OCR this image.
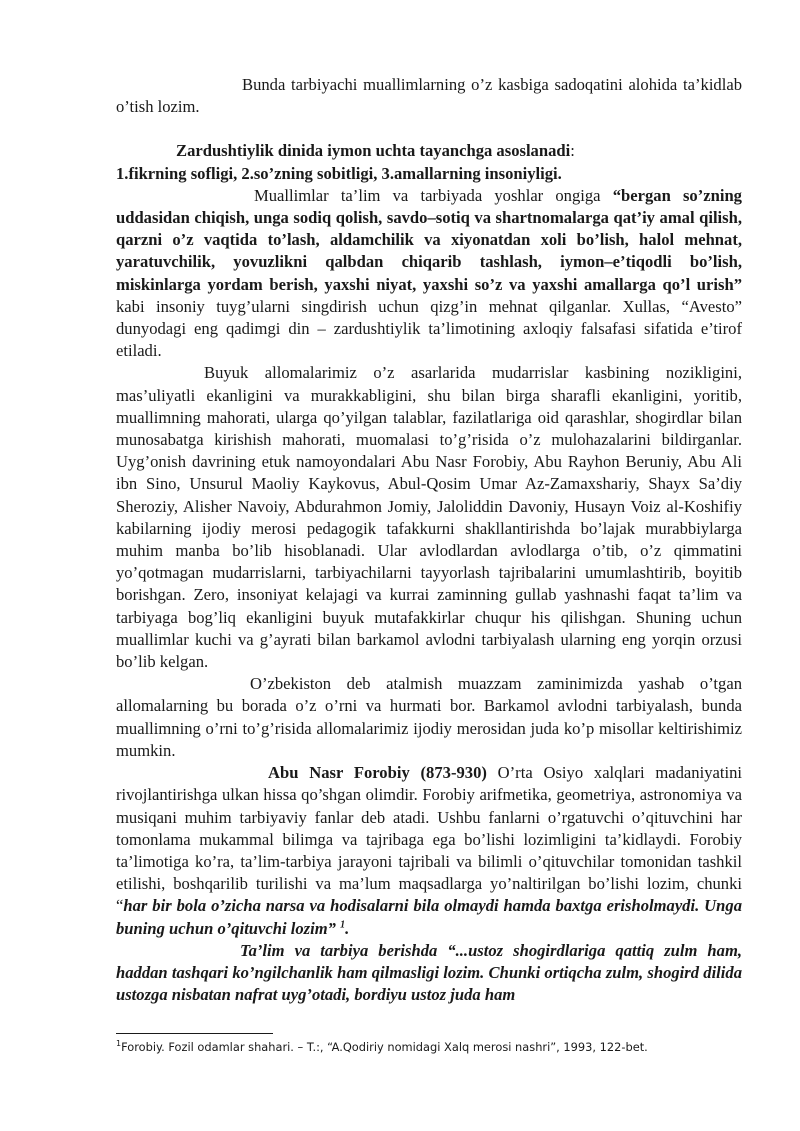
Bunda tarbiyachi muallimlarning o’z kasbiga sadoqatini alohida ta’kidlab o’tish lozim.

Zardushtiylik dinida iymon uchta tayanchga asoslanadi:

1.fikrning sofligi, 2.so’zning sobitligi, 3.amallarning insoniyligi.

Muallimlar ta’lim va tarbiyada yoshlar ongiga “bergan so’zning uddasidan chiqish, unga sodiq qolish, savdo–sotiq va shartnomalarga qat’iy amal qilish, qarzni o’z vaqtida to’lash, aldamchilik va xiyonatdan xoli bo’lish, halol mehnat, yaratuvchilik, yovuzlikni qalbdan chiqarib tashlash, iymon–e’tiqodli bo’lish, miskinlarga yordam berish, yaxshi niyat, yaxshi so’z va yaxshi amallarga qo’l urish” kabi insoniy tuyg’ularni singdirish uchun qizg’in mehnat qilganlar. Xullas, “Avesto” dunyodagi eng qadimgi din – zardushtiylik ta’limotining axloqiy falsafasi sifatida e’tirof etiladi.

Buyuk allomalarimiz o’z asarlarida mudarrislar kasbining nozikligini, mas’uliyatli ekanligini va murakkabligini, shu bilan birga sharafli ekanligini, yoritib, muallimning mahorati, ularga qo’yilgan talablar, fazilatlariga oid qarashlar, shogirdlar bilan munosabatga kirishish mahorati, muomalasi to’g’risida o’z mulohazalarini bildirganlar. Uyg’onish davrining etuk namoyondalari Abu Nasr Forobiy, Abu Rayhon Beruniy, Abu Ali ibn Sino, Unsurul Maoliy Kaykovus, Abul-Qosim Umar Az-Zamaxshariy, Shayx Sa’diy Sheroziy, Alisher Navoiy, Abdurahmon Jomiy, Jaloliddin Davoniy, Husayn Voiz al-Koshifiy kabilarning ijodiy merosi pedagogik tafakkurni shakllantirishda bo’lajak murabbiylarga muhim manba bo’lib hisoblanadi. Ular avlodlardan avlodlarga o’tib, o’z qimmatini yo’qotmagan mudarrislarni, tarbiyachilarni tayyorlash tajribalarini umumlashtirib, boyitib borishgan. Zero, insoniyat kelajagi va kurrai zaminning gullab yashnashi faqat ta’lim va tarbiyaga bog’liq ekanligini buyuk mutafakkirlar chuqur his qilishgan. Shuning uchun muallimlar kuchi va g’ayrati bilan barkamol avlodni tarbiyalash ularning eng yorqin orzusi bo’lib kelgan.

O’zbekiston deb atalmish muazzam zaminimizda yashab o’tgan allomalarning bu borada o’z o’rni va hurmati bor. Barkamol avlodni tarbiyalash, bunda muallimning o’rni to’g’risida allomalarimiz ijodiy merosidan juda ko’p misollar keltirishimiz mumkin.

Abu Nasr Forobiy (873-930) O’rta Osiyo xalqlari madaniyatini rivojlantirishga ulkan hissa qo’shgan olimdir. Forobiy arifmetika, geometriya, astronomiya va musiqani muhim tarbiyaviy fanlar deb atadi. Ushbu fanlarni o’rgatuvchi o’qituvchini har tomonlama mukammal bilimga va tajribaga ega bo’lishi lozimligini ta’kidlaydi. Forobiy ta’limotiga ko’ra, ta’lim-tarbiya jarayoni tajribali va bilimli o’qituvchilar tomonidan tashkil etilishi, boshqarilib turilishi va ma’lum maqsadlarga yo’naltirilgan bo’lishi lozim, chunki “har bir bola o’zicha narsa va hodisalarni bila olmaydi hamda baxtga erisholmaydi. Unga buning uchun o’qituvchi lozim” $^1$.

Ta’lim va tarbiya berishda “...ustoz shogirdlariga qattiq zulm ham, haddan tashqari ko’ngilchanlik ham qilmasligi lozim. Chunki ortiqcha zulm, shogird dilida ustozga nisbatan nafrat uyg’otadi, bordiyu ustoz juda ham

$^1$Forobiy. Fozil odamlar shahari. – T.:, “A.Qodiriy nomidagi Xalq merosi nashri”, 1993, 122-bet.
